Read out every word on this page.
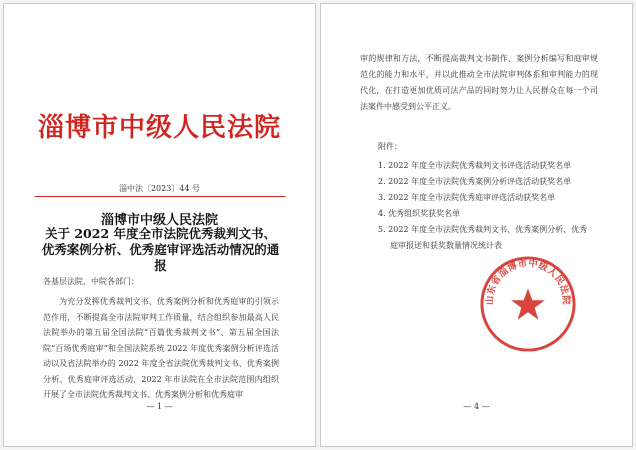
淄博市中级人民法院
淄中法〔2023〕44 号
淄博市中级人民法院
关于 2022 年度全市法院优秀裁判文书、优秀案例分析、优秀庭审评选活动情况的通报
各基层法院、中院各部门：
为充分发挥优秀裁判文书、优秀案例分析和优秀庭审的引领示范作用，不断提高全市法院审判工作质量，结合组织参加最高人民法院举办的第五届全国法院“百篇优秀裁判文书”、第五届全国法院“百场优秀庭审”和全国法院系统 2022 年度优秀案例分析评选活动以及省法院举办的 2022 年度全省法院优秀裁判文书、优秀案例分析、优秀庭审评选活动，2022 年市法院在全市法院范围内组织开展了全市法院优秀裁判文书、优秀案例分析和优秀庭审
— 1 —
审的规律和方法，不断提高裁判文书制作、案例分析编写和庭审规范化的能力和水平，并以此推动全市法院审判体系和审判能力的现代化，在打造更加优质司法产品的同时努力让人民群众在每一个司法案件中感受到公平正义。
附件：
1. 2022 年度全市法院优秀裁判文书评选活动获奖名单
2. 2022 年度全市法院优秀案例分析评选活动获奖名单
3. 2022 年度全市法院优秀庭审评选活动获奖名单
4. 优秀组织奖获奖名单
5. 2022 年度全市法院优秀裁判文书、优秀案例分析、优秀
庭审报送和获奖数量情况统计表
山东省淄博市中级人民法院
— 4 —
